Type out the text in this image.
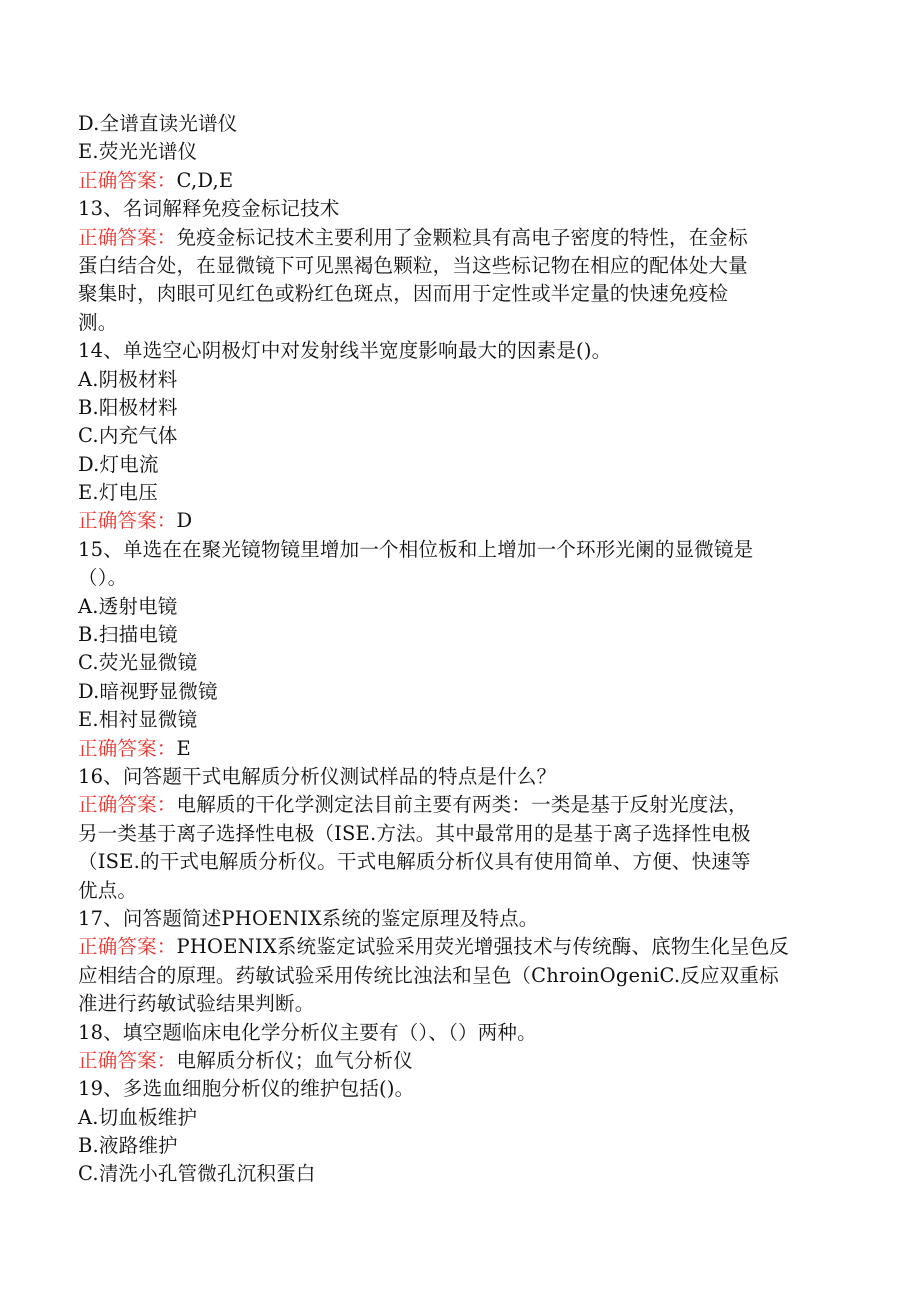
D.全谱直读光谱仪
E.荧光光谱仪
正确答案：C,D,E
13、名词解释免疫金标记技术
正确答案：免疫金标记技术主要利用了金颗粒具有高电子密度的特性，在金标
蛋白结合处，在显微镜下可见黑褐色颗粒，当这些标记物在相应的配体处大量
聚集时，肉眼可见红色或粉红色斑点，因而用于定性或半定量的快速免疫检
测。
14、单选空心阴极灯中对发射线半宽度影响最大的因素是()。
A.阴极材料
B.阳极材料
C.内充气体
D.灯电流
E.灯电压
正确答案：D
15、单选在在聚光镜物镜里增加一个相位板和上增加一个环形光阑的显微镜是
（）。
A.透射电镜
B.扫描电镜
C.荧光显微镜
D.暗视野显微镜
E.相衬显微镜
正确答案：E
16、问答题干式电解质分析仪测试样品的特点是什么？
正确答案：电解质的干化学测定法目前主要有两类：一类是基于反射光度法，
另一类基于离子选择性电极（ISE.方法。其中最常用的是基于离子选择性电极
（ISE.的干式电解质分析仪。干式电解质分析仪具有使用简单、方便、快速等
优点。
17、问答题简述PHOENIX系统的鉴定原理及特点。
正确答案：PHOENIX系统鉴定试验采用荧光增强技术与传统酶、底物生化呈色反
应相结合的原理。药敏试验采用传统比浊法和呈色（ChroinOgeniC.反应双重标
准进行药敏试验结果判断。
18、填空题临床电化学分析仪主要有（）、（）两种。
正确答案：电解质分析仪；血气分析仪
19、多选血细胞分析仪的维护包括()。
A.切血板维护
B.液路维护
C.清洗小孔管微孔沉积蛋白
